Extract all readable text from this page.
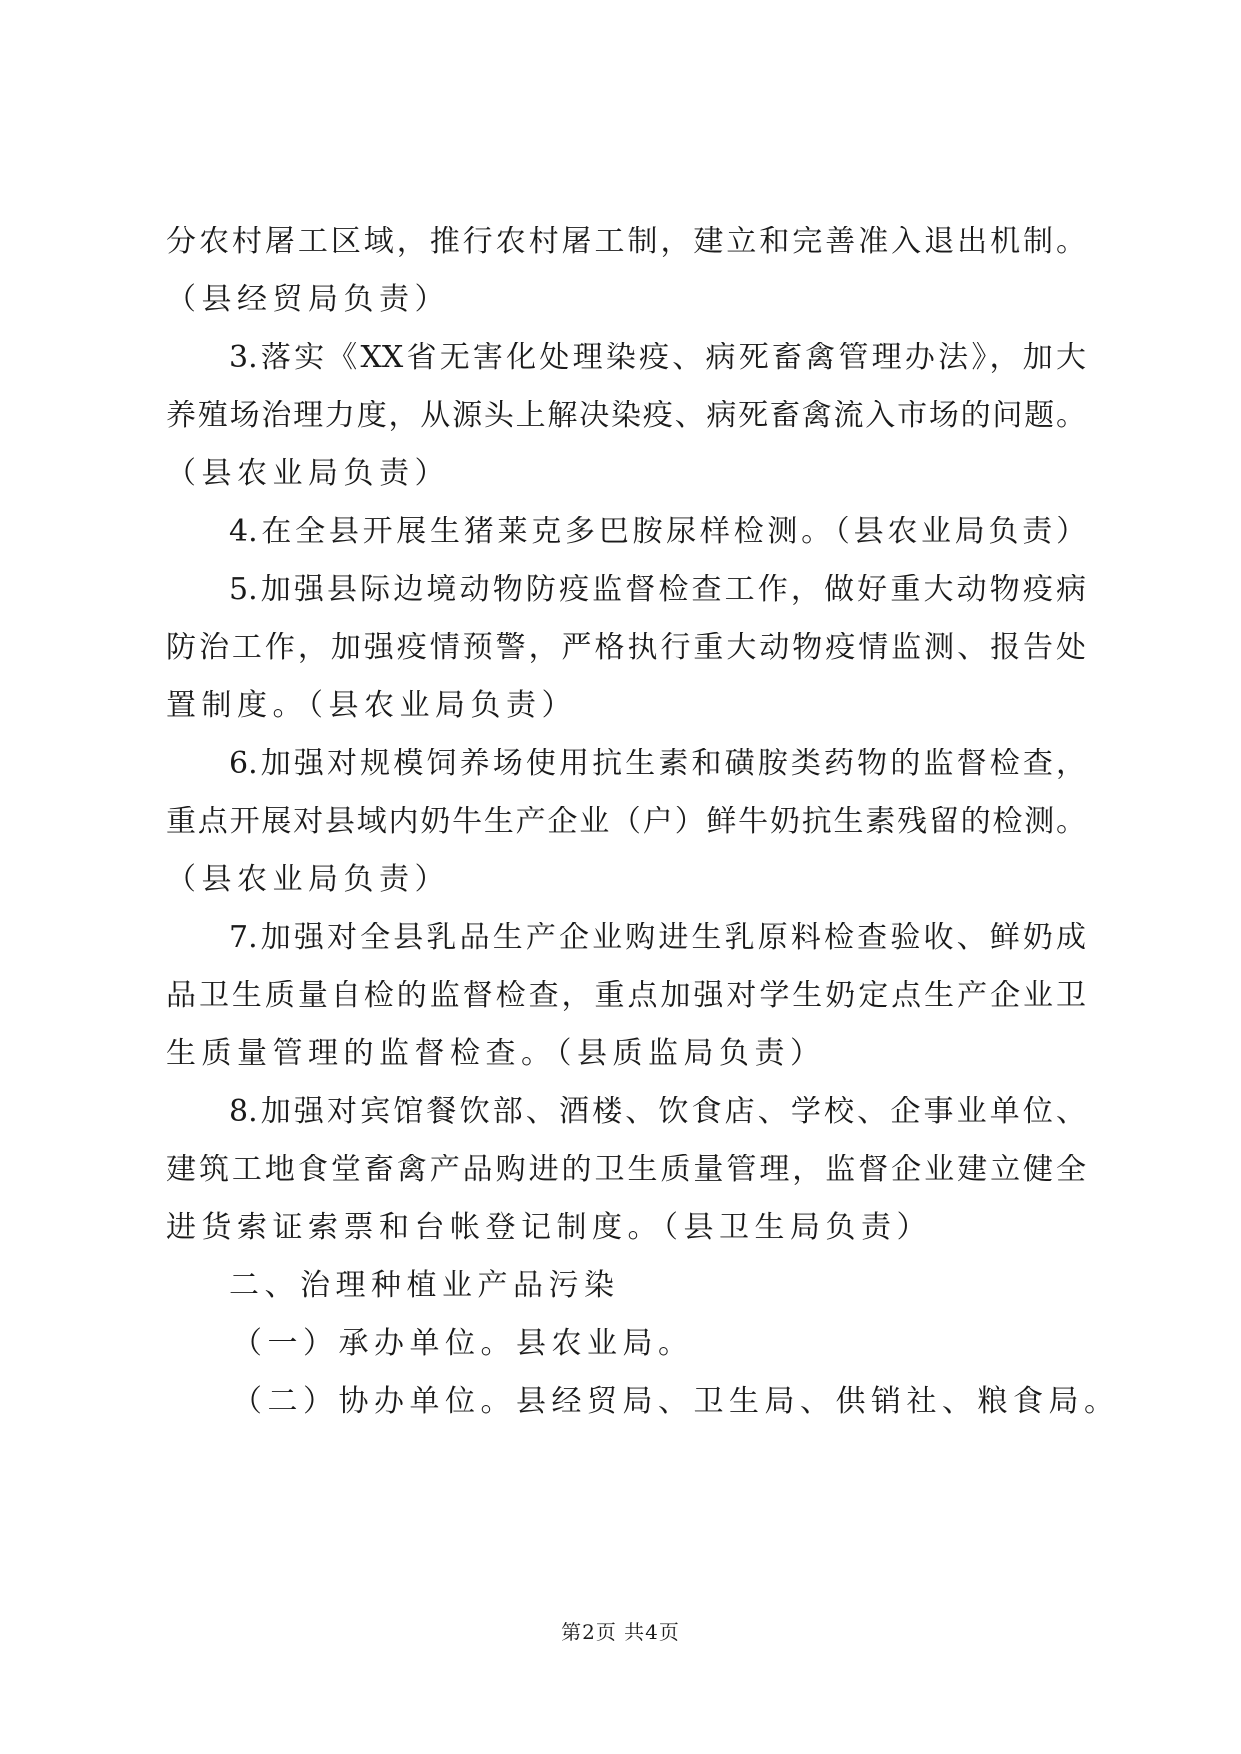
分农村屠工区域，推行农村屠工制，建立和完善准入退出机制。
（县经贸局负责）
3.落实《XX省无害化处理染疫、病死畜禽管理办法》，加大
养殖场治理力度，从源头上解决染疫、病死畜禽流入市场的问题。
（县农业局负责）
4.在全县开展生猪莱克多巴胺尿样检测。（县农业局负责）
5.加强县际边境动物防疫监督检查工作，做好重大动物疫病
防治工作，加强疫情预警，严格执行重大动物疫情监测、报告处
置制度。（县农业局负责）
6.加强对规模饲养场使用抗生素和磺胺类药物的监督检查，
重点开展对县域内奶牛生产企业（户）鲜牛奶抗生素残留的检测。
（县农业局负责）
7.加强对全县乳品生产企业购进生乳原料检查验收、鲜奶成
品卫生质量自检的监督检查，重点加强对学生奶定点生产企业卫
生质量管理的监督检查。（县质监局负责）
8.加强对宾馆餐饮部、酒楼、饮食店、学校、企事业单位、
建筑工地食堂畜禽产品购进的卫生质量管理，监督企业建立健全
进货索证索票和台帐登记制度。（县卫生局负责）
二、治理种植业产品污染
（一）承办单位。县农业局。
（二）协办单位。县经贸局、卫生局、供销社、粮食局。
第2页 共4页
